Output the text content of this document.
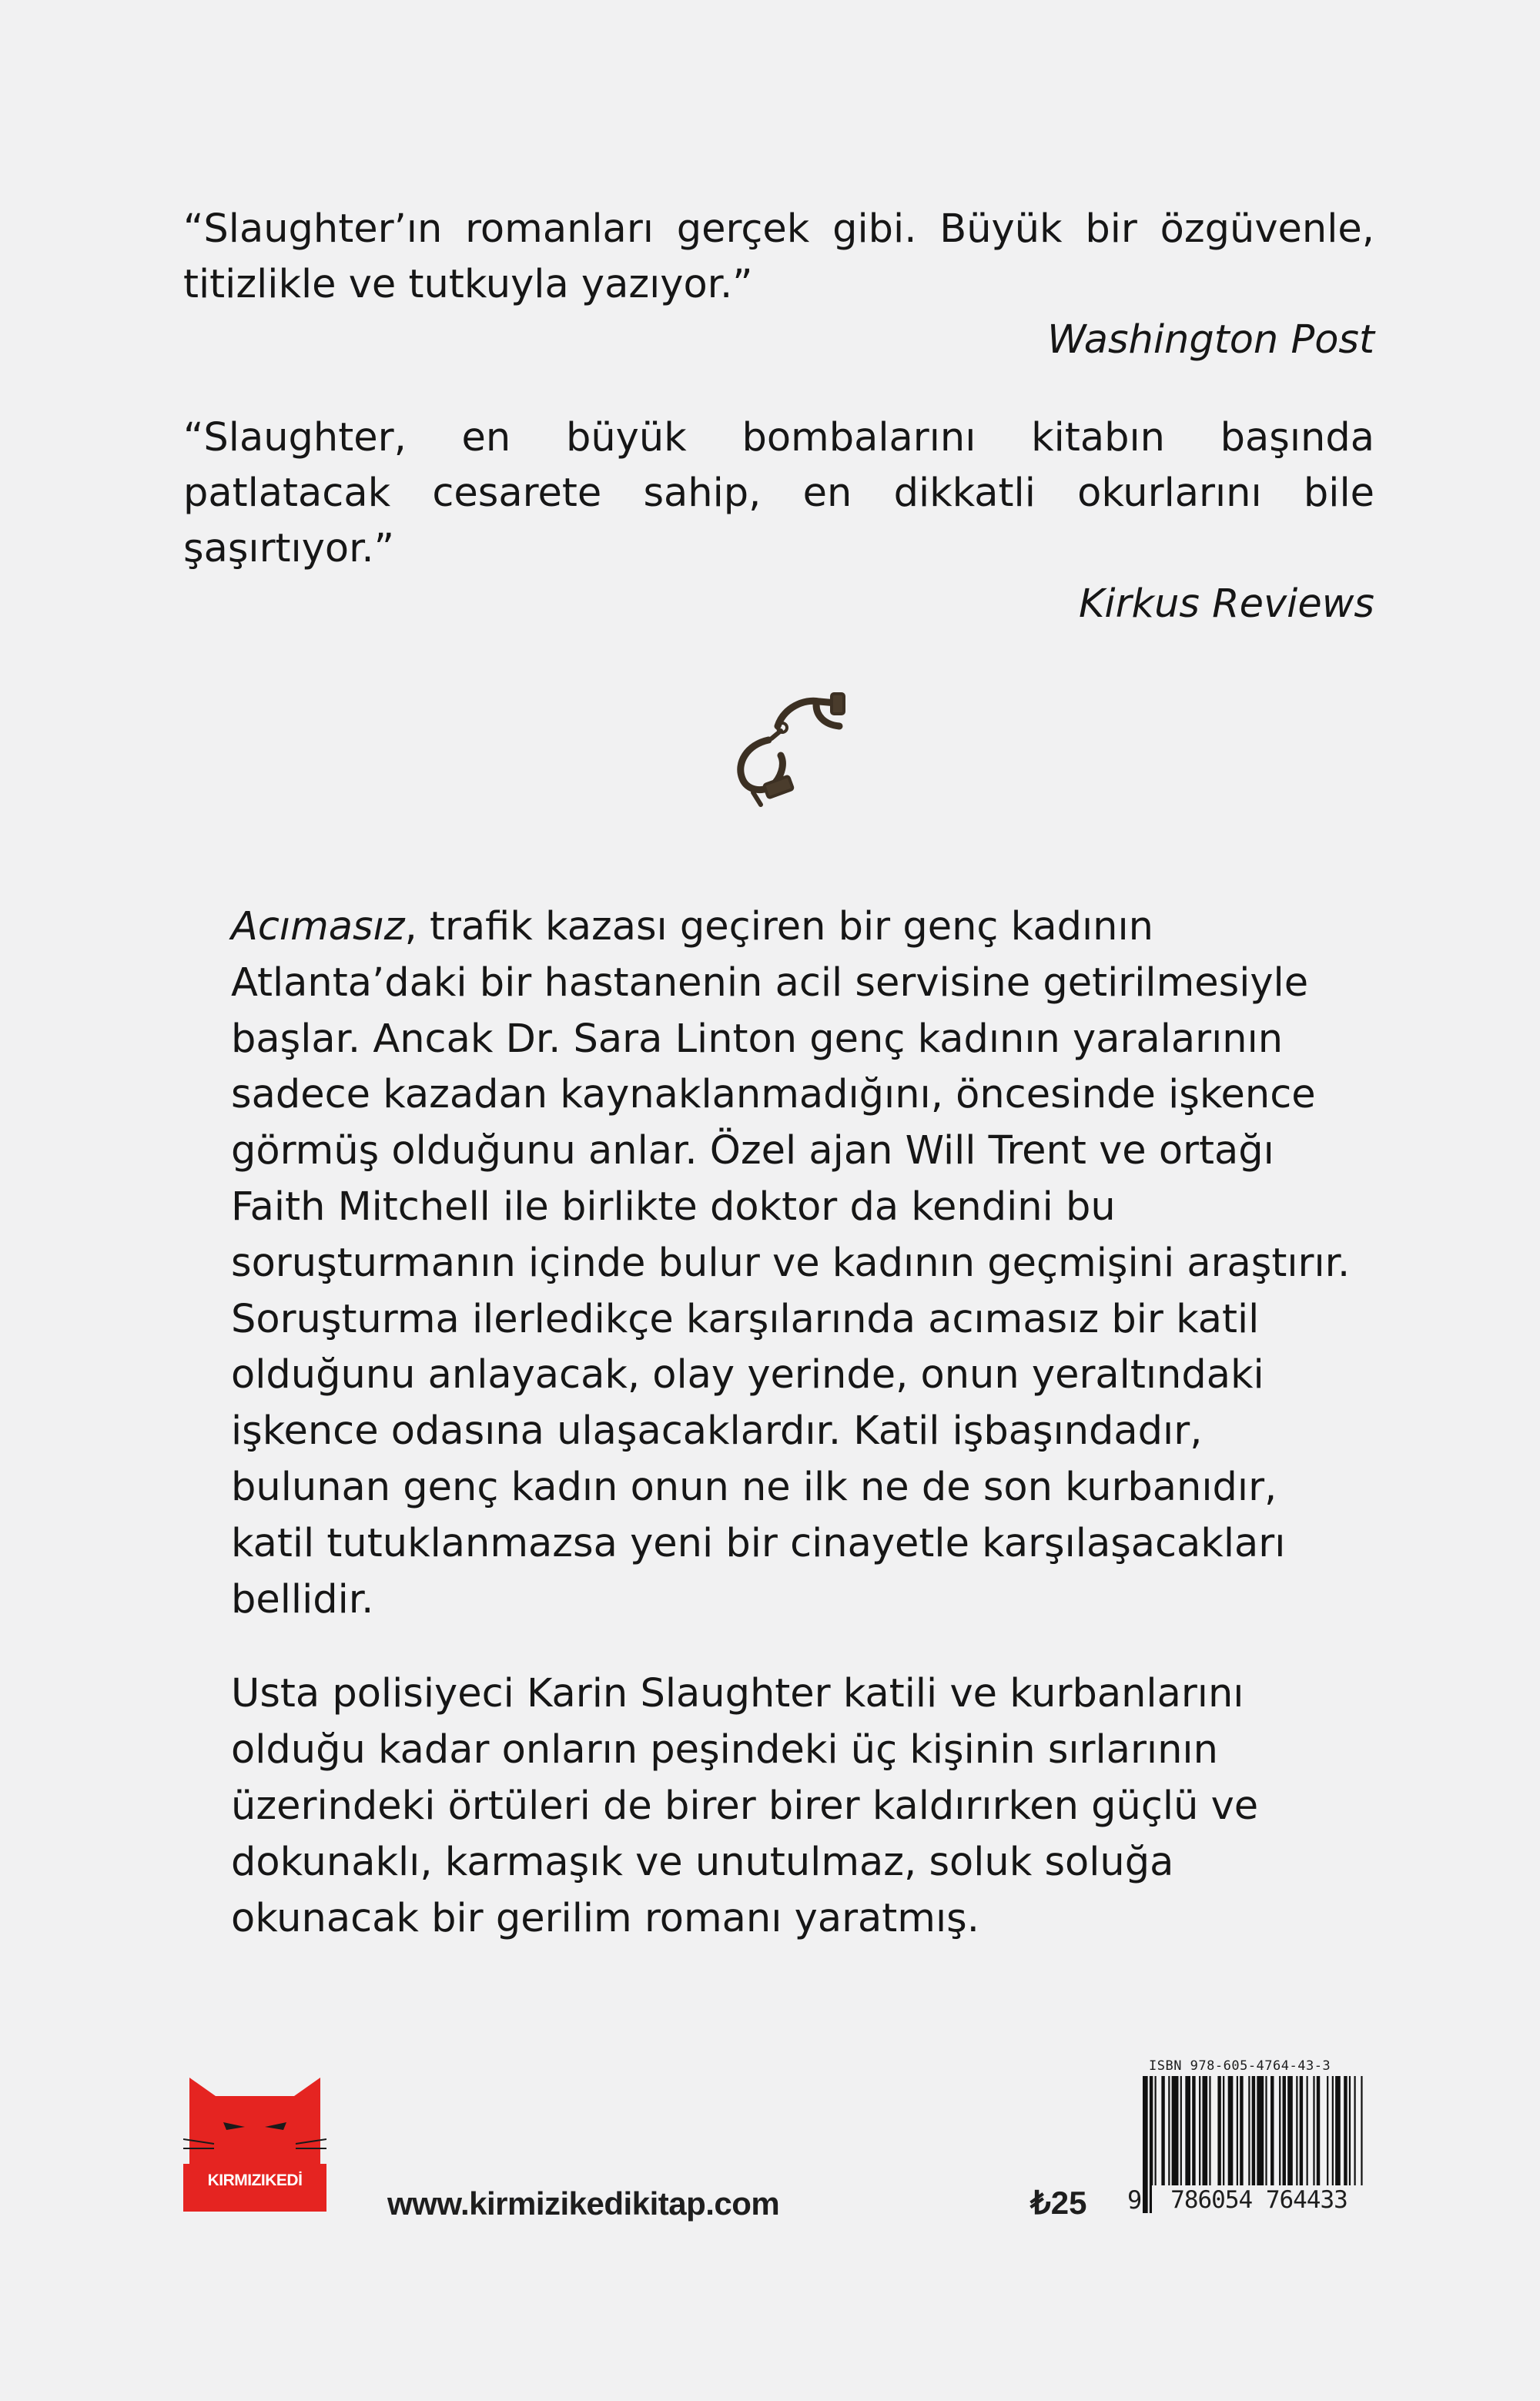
“Slaughter’ın romanları gerçek gibi. Büyük bir özgüvenle, titizlikle ve tutkuyla yazıyor.”

Washington Post

“Slaughter, en büyük bombalarını kitabın başında patlatacak cesarete sahip, en dikkatli okurlarını bile şaşırtıyor.”

Kirkus Reviews

Acımasız, trafik kazası geçiren bir genç kadının Atlanta’daki bir hastanenin acil servisine getirilmesiyle başlar. Ancak Dr. Sara Linton genç kadının yaralarının sadece kazadan kaynaklanmadığını, öncesinde işkence görmüş olduğunu anlar. Özel ajan Will Trent ve ortağı Faith Mitchell ile birlikte doktor da kendini bu soruşturmanın içinde bulur ve kadının geçmişini araştırır. Soruşturma ilerledikçe karşılarında acımasız bir katil olduğunu anlayacak, olay yerinde, onun yeraltındaki işkence odasına ulaşacaklardır. Katil işbaşındadır, bulunan genç kadın onun ne ilk ne de son kurbanıdır, katil tutuklanmazsa yeni bir cinayetle karşılaşacakları bellidir.

Usta polisiyeci Karin Slaughter katili ve kurbanlarını olduğu kadar onların peşindeki üç kişinin sırlarının üzerindeki örtüleri de birer birer kaldırırken güçlü ve dokunaklı, karmaşık ve unutulmaz, soluk soluğa okunacak bir gerilim romanı yaratmış.

KIRMIZIKEDİ
www.kirmizikedikitap.com	₺25
ISBN 978-605-4764-43-3
9	786054 764433
